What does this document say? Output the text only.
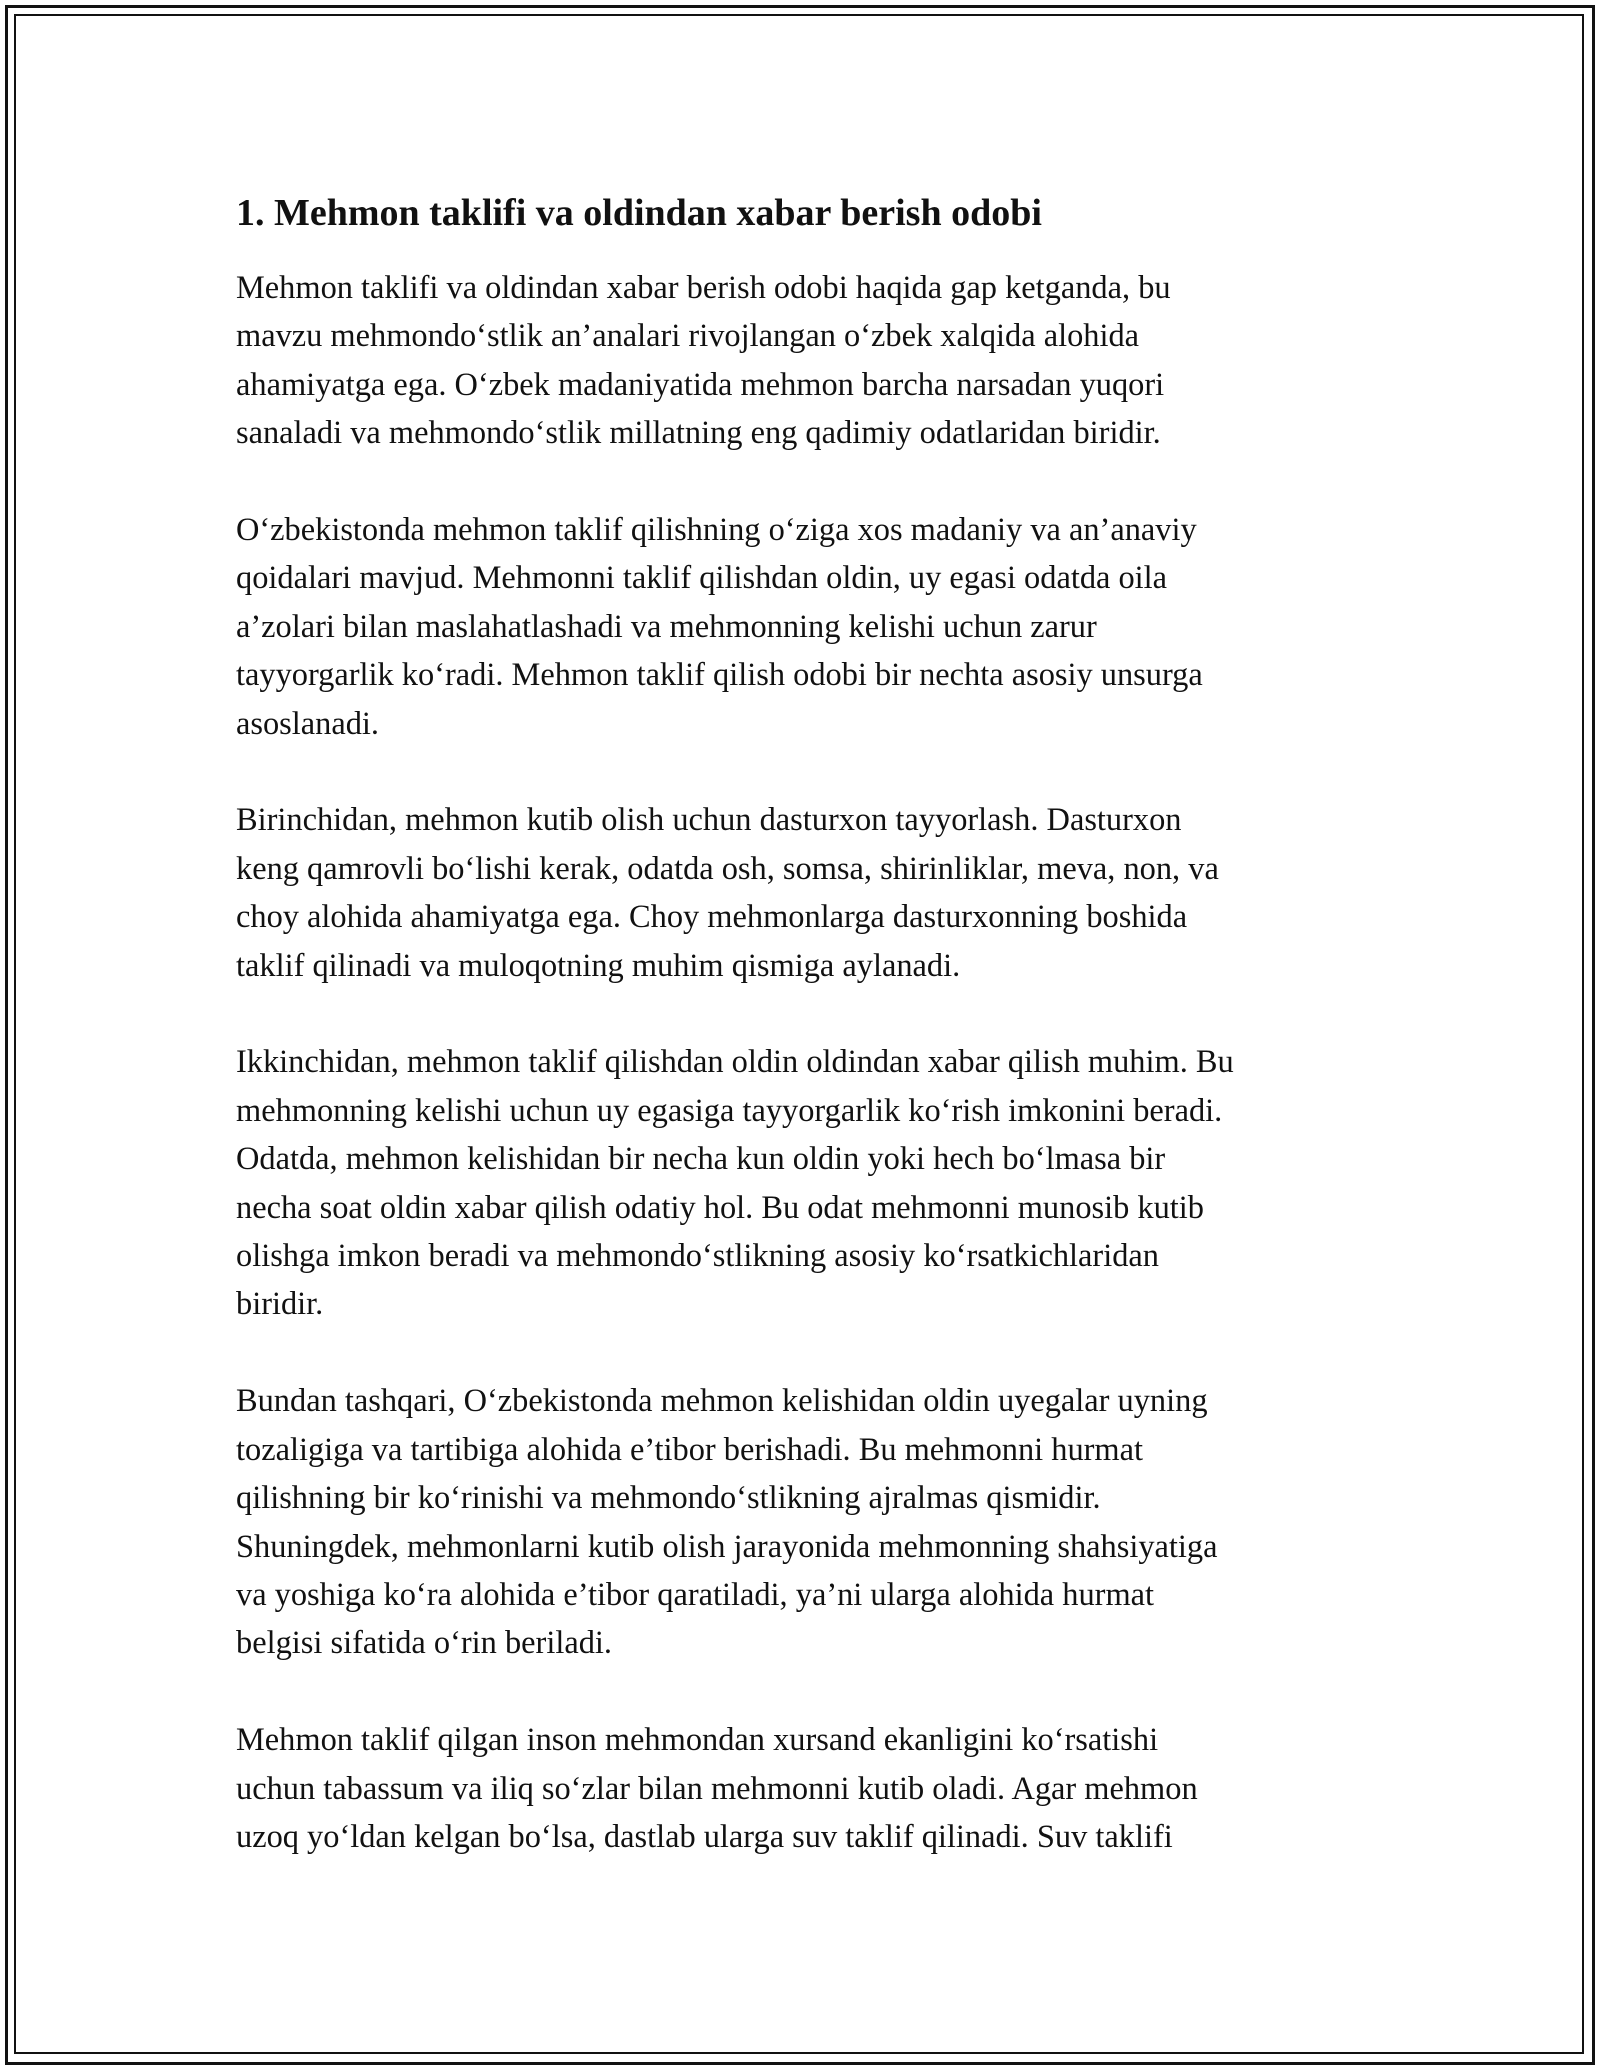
1. Mehmon taklifi va oldindan xabar berish odobi

Mehmon taklifi va oldindan xabar berish odobi haqida gap ketganda, bu
mavzu mehmondo‘stlik an’analari rivojlangan o‘zbek xalqida alohida
ahamiyatga ega. O‘zbek madaniyatida mehmon barcha narsadan yuqori
sanaladi va mehmondo‘stlik millatning eng qadimiy odatlaridan biridir.

O‘zbekistonda mehmon taklif qilishning o‘ziga xos madaniy va an’anaviy
qoidalari mavjud. Mehmonni taklif qilishdan oldin, uy egasi odatda oila
a’zolari bilan maslahatlashadi va mehmonning kelishi uchun zarur
tayyorgarlik ko‘radi. Mehmon taklif qilish odobi bir nechta asosiy unsurga
asoslanadi.

Birinchidan, mehmon kutib olish uchun dasturxon tayyorlash. Dasturxon
keng qamrovli bo‘lishi kerak, odatda osh, somsa, shirinliklar, meva, non, va
choy alohida ahamiyatga ega. Choy mehmonlarga dasturxonning boshida
taklif qilinadi va muloqotning muhim qismiga aylanadi.

Ikkinchidan, mehmon taklif qilishdan oldin oldindan xabar qilish muhim. Bu
mehmonning kelishi uchun uy egasiga tayyorgarlik ko‘rish imkonini beradi.
Odatda, mehmon kelishidan bir necha kun oldin yoki hech bo‘lmasa bir
necha soat oldin xabar qilish odatiy hol. Bu odat mehmonni munosib kutib
olishga imkon beradi va mehmondo‘stlikning asosiy ko‘rsatkichlaridan
biridir.

Bundan tashqari, O‘zbekistonda mehmon kelishidan oldin uyegalar uyning
tozaligiga va tartibiga alohida e’tibor berishadi. Bu mehmonni hurmat
qilishning bir ko‘rinishi va mehmondo‘stlikning ajralmas qismidir.
Shuningdek, mehmonlarni kutib olish jarayonida mehmonning shahsiyatiga
va yoshiga ko‘ra alohida e’tibor qaratiladi, ya’ni ularga alohida hurmat
belgisi sifatida o‘rin beriladi.

Mehmon taklif qilgan inson mehmondan xursand ekanligini ko‘rsatishi
uchun tabassum va iliq so‘zlar bilan mehmonni kutib oladi. Agar mehmon
uzoq yo‘ldan kelgan bo‘lsa, dastlab ularga suv taklif qilinadi. Suv taklifi
